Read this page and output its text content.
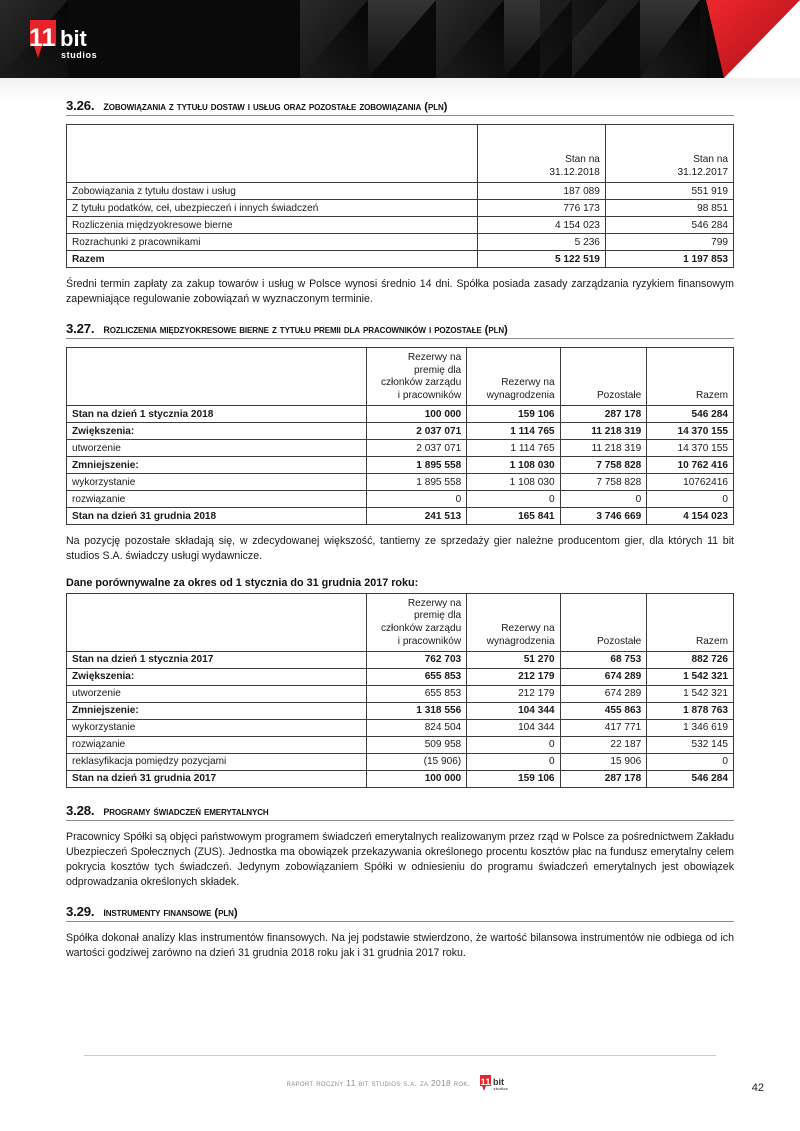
11 bit
studios
3.26. zobowiązania z tytułu dostaw i usług oraz pozostałe zobowiązania (pln)
	Stan na
31.12.2018	Stan na
31.12.2017
Zobowiązania z tytułu dostaw i usług	187 089	551 919
Z tytułu podatków, ceł, ubezpieczeń i innych świadczeń	776 173	98 851
Rozliczenia międzyokresowe bierne	4 154 023	546 284
Rozrachunki z pracownikami	5 236	799
Razem	5 122 519	1 197 853

Średni termin zapłaty za zakup towarów i usług w Polsce wynosi średnio 14 dni. Spółka posiada zasady zarządzania ryzykiem finansowym zapewniające regulowanie zobowiązań w wyznaczonym terminie.

3.27. rozliczenia międzyokresowe bierne z tytułu premii dla pracowników i pozostałe (pln)
	Rezerwy na
premię dla
członków zarządu
i pracowników	Rezerwy na
wynagrodzenia	Pozostałe	Razem
Stan na dzień 1 stycznia 2018	100 000	159 106	287 178	546 284
Zwiększenia:	2 037 071	1 114 765	11 218 319	14 370 155
utworzenie	2 037 071	1 114 765	11 218 319	14 370 155
Zmniejszenie:	1 895 558	1 108 030	7 758 828	10 762 416
wykorzystanie	1 895 558	1 108 030	7 758 828	10762416
rozwiązanie	0	0	0	0
Stan na dzień 31 grudnia 2018	241 513	165 841	3 746 669	4 154 023

Na pozycję pozostałe składają się, w zdecydowanej większość, tantiemy ze sprzedaży gier należne producentom gier, dla których 11 bit studios S.A. świadczy usługi wydawnicze.

Dane porównywalne za okres od 1 stycznia do 31 grudnia 2017 roku:

	Rezerwy na
premię dla
członków zarządu
i pracowników	Rezerwy na
wynagrodzenia	Pozostałe	Razem
Stan na dzień 1 stycznia 2017	762 703	51 270	68 753	882 726
Zwiększenia:	655 853	212 179	674 289	1 542 321
utworzenie	655 853	212 179	674 289	1 542 321
Zmniejszenie:	1 318 556	104 344	455 863	1 878 763
wykorzystanie	824 504	104 344	417 771	1 346 619
rozwiązanie	509 958	0	22 187	532 145
reklasyfikacja pomiędzy pozycjami	(15 906)	0	15 906	0
Stan na dzień 31 grudnia 2017	100 000	159 106	287 178	546 284
3.28. programy świadczeń emerytalnych

Pracownicy Spółki są objęci państwowym programem świadczeń emerytalnych realizowanym przez rząd w Polsce za pośrednictwem Zakładu Ubezpieczeń Społecznych (ZUS). Jednostka ma obowiązek przekazywania określonego procentu kosztów płac na fundusz emerytalny celem pokrycia kosztów tych świadczeń. Jedynym zobowiązaniem Spółki w odniesieniu do programu świadczeń emerytalnych jest obowiązek odprowadzania określonych składek.

3.29. instrumenty finansowe (pln)

Spółka dokonał analizy klas instrumentów finansowych. Na jej podstawie stwierdzono, że wartość bilansowa instrumentów nie odbiega od ich wartości godziwej zarówno na dzień 31 grudnia 2018 roku jak i 31 grudnia 2017 roku.

raport roczny 11 bit studios s.a. za 2018 rok. 11 bit
studios	42
